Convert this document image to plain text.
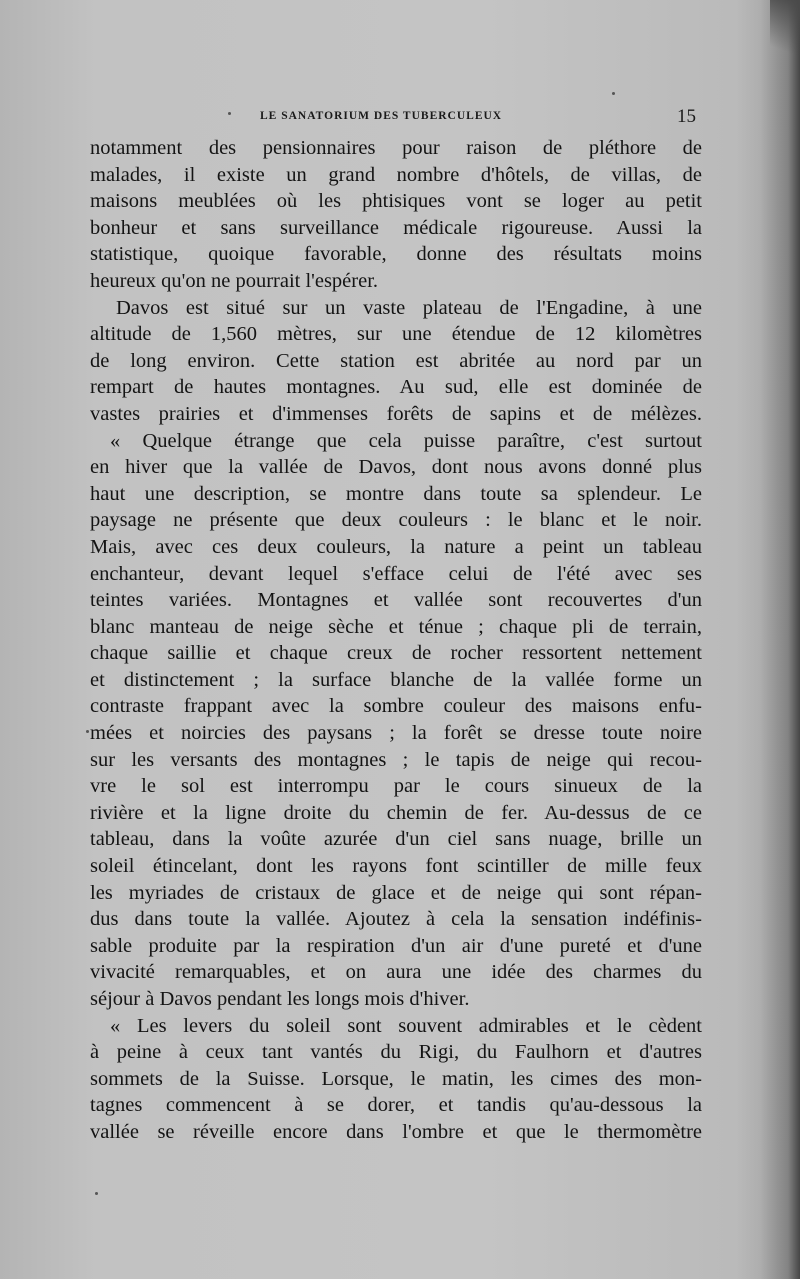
LE SANATORIUM DES TUBERCULEUX	15
notamment des pensionnaires pour raison de pléthore de
malades, il existe un grand nombre d'hôtels, de villas, de
maisons meublées où les phtisiques vont se loger au petit
bonheur et sans surveillance médicale rigoureuse. Aussi la
statistique, quoique favorable, donne des résultats moins
heureux qu'on ne pourrait l'espérer.
Davos est situé sur un vaste plateau de l'Engadine, à une
altitude de 1,560 mètres, sur une étendue de 12 kilomètres
de long environ. Cette station est abritée au nord par un
rempart de hautes montagnes. Au sud, elle est dominée de
vastes prairies et d'immenses forêts de sapins et de mélèzes.
« Quelque étrange que cela puisse paraître, c'est surtout
en hiver que la vallée de Davos, dont nous avons donné plus
haut une description, se montre dans toute sa splendeur. Le
paysage ne présente que deux couleurs : le blanc et le noir.
Mais, avec ces deux couleurs, la nature a peint un tableau
enchanteur, devant lequel s'efface celui de l'été avec ses
teintes variées. Montagnes et vallée sont recouvertes d'un
blanc manteau de neige sèche et ténue ; chaque pli de terrain,
chaque saillie et chaque creux de rocher ressortent nettement
et distinctement ; la surface blanche de la vallée forme un
contraste frappant avec la sombre couleur des maisons enfu-
mées et noircies des paysans ; la forêt se dresse toute noire
sur les versants des montagnes ; le tapis de neige qui recou-
vre le sol est interrompu par le cours sinueux de la
rivière et la ligne droite du chemin de fer. Au-dessus de ce
tableau, dans la voûte azurée d'un ciel sans nuage, brille un
soleil étincelant, dont les rayons font scintiller de mille feux
les myriades de cristaux de glace et de neige qui sont répan-
dus dans toute la vallée. Ajoutez à cela la sensation indéfinis-
sable produite par la respiration d'un air d'une pureté et d'une
vivacité remarquables, et on aura une idée des charmes du
séjour à Davos pendant les longs mois d'hiver.
« Les levers du soleil sont souvent admirables et le cèdent
à peine à ceux tant vantés du Rigi, du Faulhorn et d'autres
sommets de la Suisse. Lorsque, le matin, les cimes des mon-
tagnes commencent à se dorer, et tandis qu'au-dessous la
vallée se réveille encore dans l'ombre et que le thermomètre
